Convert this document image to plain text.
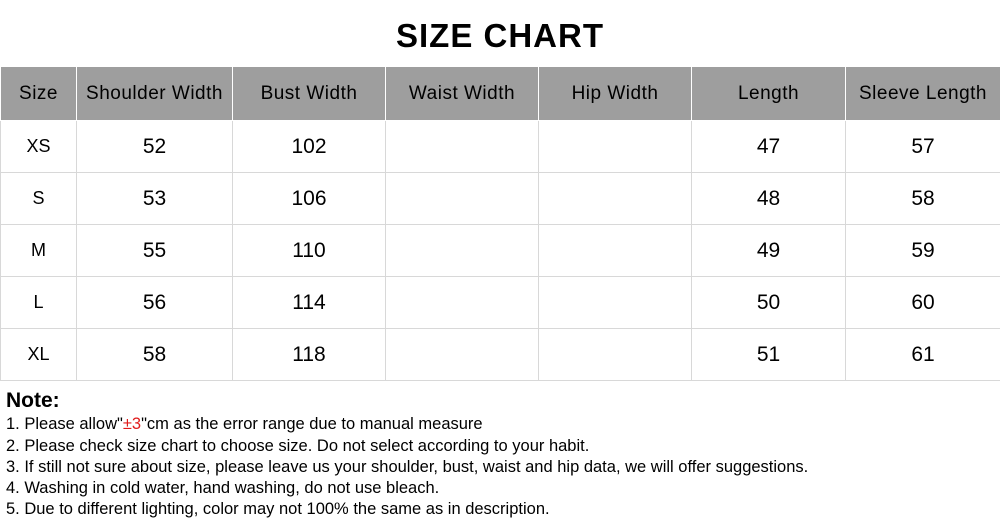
SIZE CHART
Size	Shoulder Width	Bust Width	Waist Width	Hip Width	Length	Sleeve Length
XS	52	102			47	57
S	53	106			48	58
M	55	110			49	59
L	56	114			50	60
XL	58	118			51	61
Note:
1. Please allow"±3"cm as the error range due to manual measure
2. Please check size chart to choose size. Do not select according to your habit.
3. If still not sure about size, please leave us your shoulder, bust, waist and hip data, we will offer suggestions.
4. Washing in cold water, hand washing, do not use bleach.
5. Due to different lighting, color may not 100% the same as in description.
